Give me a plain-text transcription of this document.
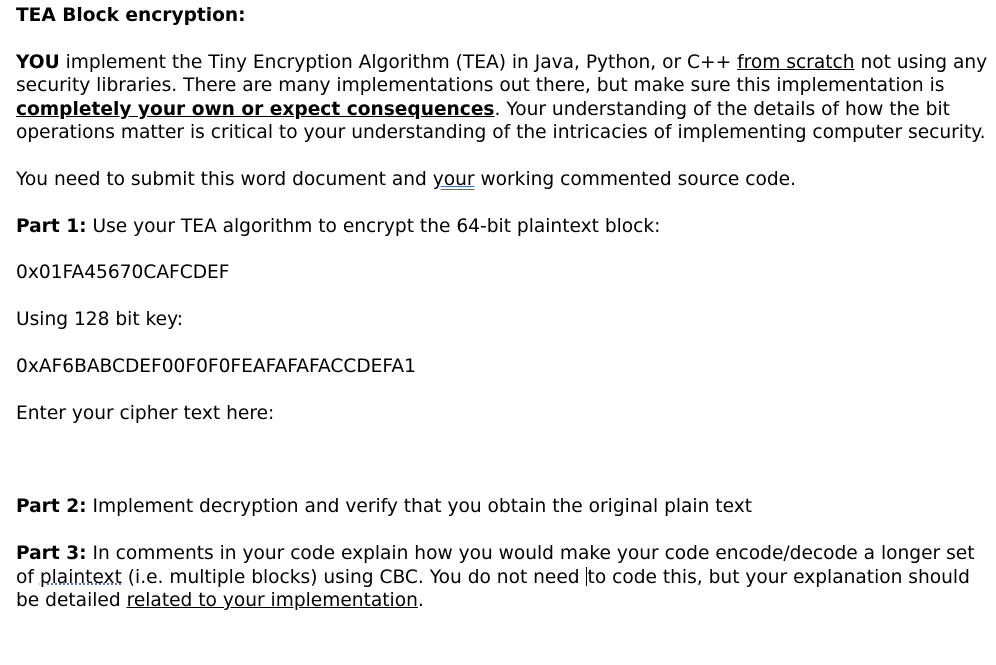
TEA Block encryption:

YOU implement the Tiny Encryption Algorithm (TEA) in Java, Python, or C++ from scratch not using any security libraries. There are many implementations out there, but make sure this implementation is completely your own or expect consequences. Your understanding of the details of how the bit operations matter is critical to your understanding of the intricacies of implementing computer security.

You need to submit this word document and your working commented source code.

Part 1: Use your TEA algorithm to encrypt the 64-bit plaintext block:

0x01FA45670CAFCDEF

Using 128 bit key:

0xAF6BABCDEF00F0F0FEAFAFAFACCDEFA1

Enter your cipher text here:

Part 2: Implement decryption and verify that you obtain the original plain text

Part 3: In comments in your code explain how you would make your code encode/decode a longer set of plaintext (i.e. multiple blocks) using CBC. You do not need to code this, but your explanation should be detailed related to your implementation.
